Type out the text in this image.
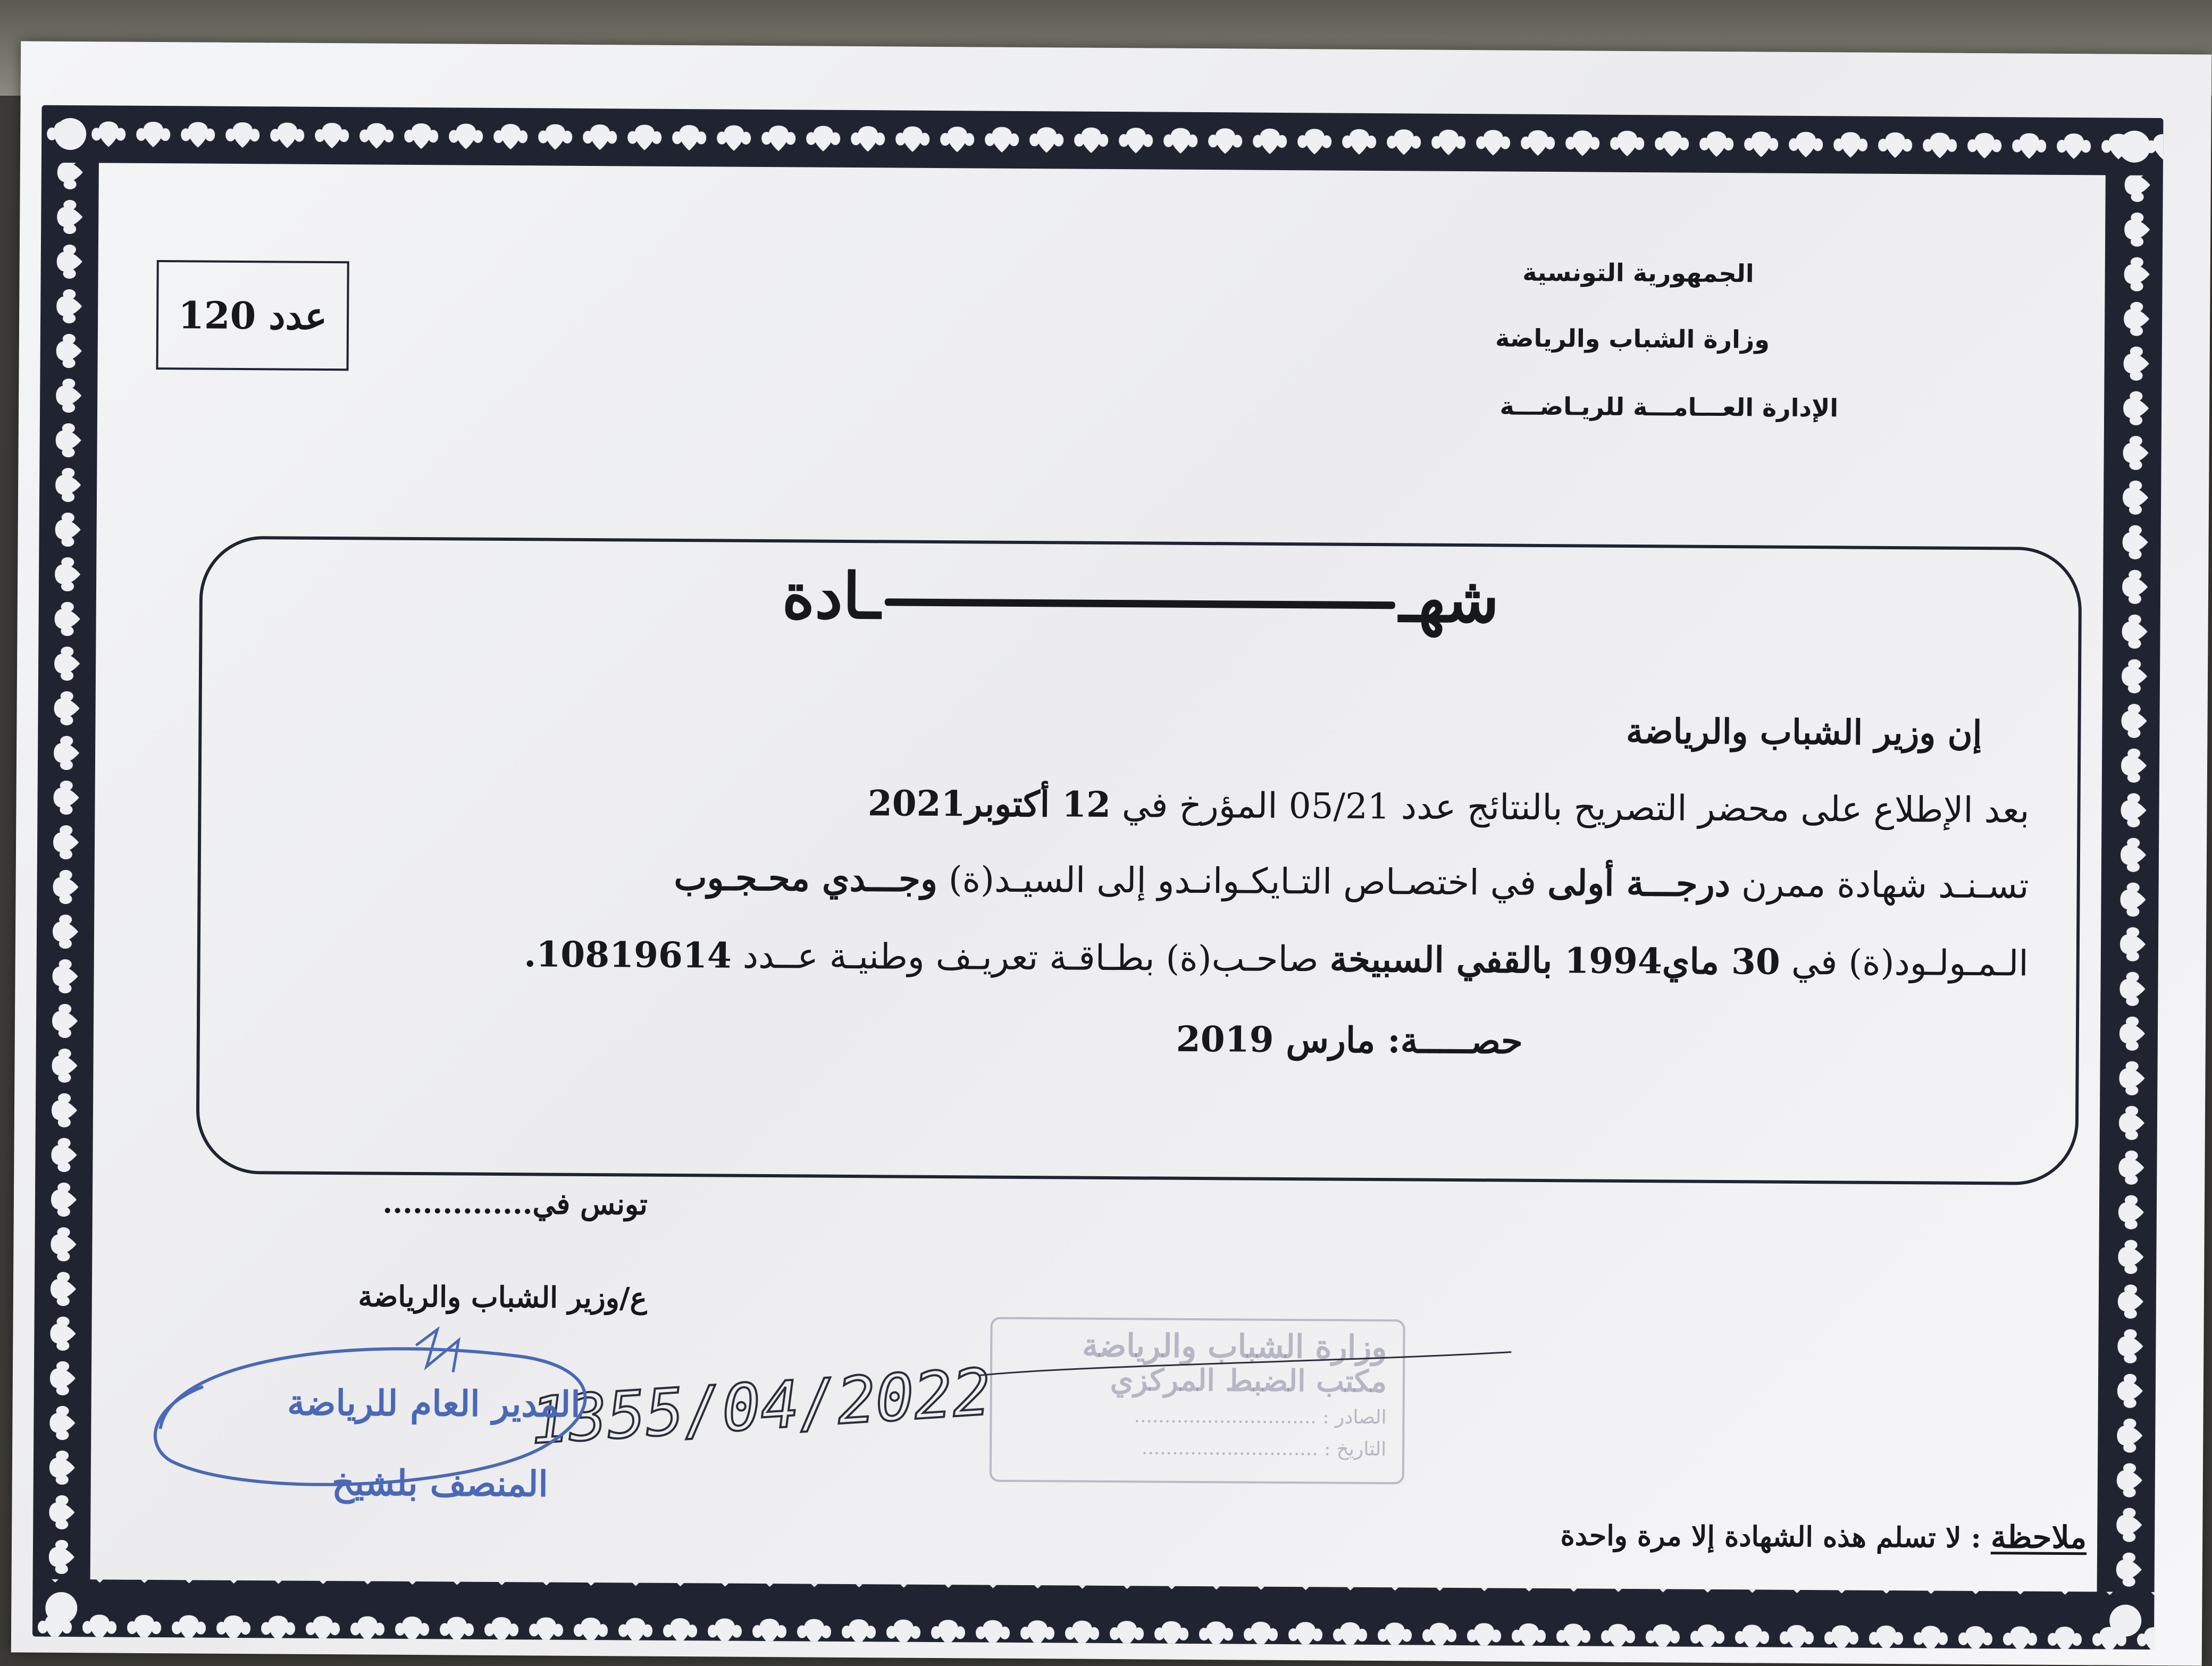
الجمهورية التونسية
وزارة الشباب والرياضة
الإدارة العـــامـــة للريـاضـــة
عدد
120
شهــادة
إن وزير الشباب والرياضة
بعد الإطلاع على محضر التصريح بالنتائج عدد 05/21 المؤرخ في 12 أكتوبر2021
تسـنـد شهادة ممرن درجـــة أولى في اختصـاص التـايكـوانـدو إلى السيـد(ة) وجـــدي محـجـوب
الـمـولـود(ة) في 30 ماي1994 بالقفي السبيخة صاحـب(ة) بطـاقـة تعريـف وطنيـة عــدد 10819614.
حصـــــة: مارس 2019
تونس في...............
ع/وزير الشباب والرياضة
وزارة الشباب والرياضة
مكتب الضبط المركزي
الصادر : ..............................
التاريخ : .............................
1355/04/2022
المدير العام للرياضة
المنصف بلشيخ
ملاحظة : لا تسلم هذه الشهادة إلا مرة واحدة
